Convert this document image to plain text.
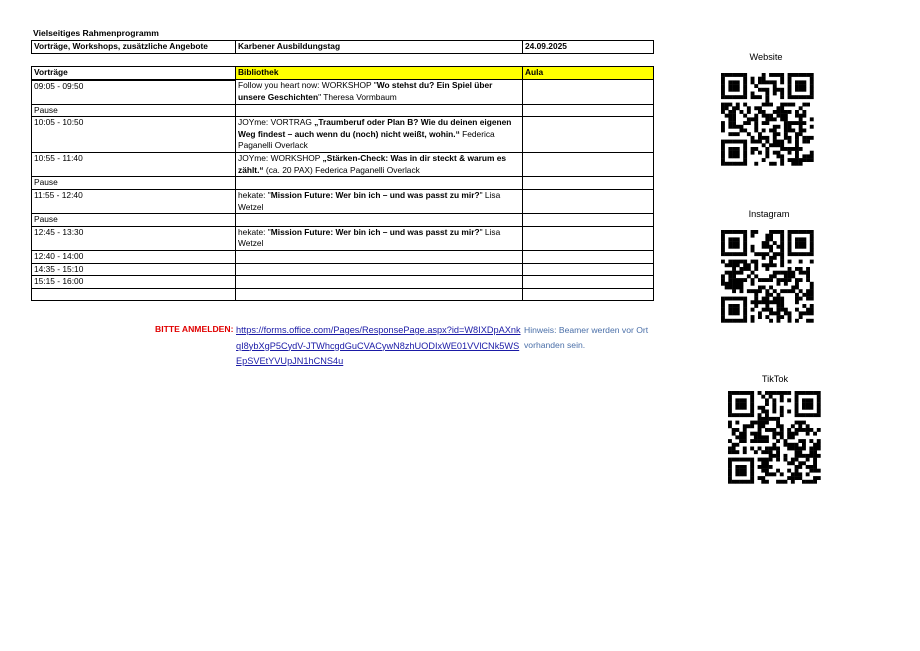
Vielseitiges Rahmenprogramm
Vorträge, Workshops, zusätzliche Angebote	Karbener Ausbildungstag	24.09.2025
Vorträge	Bibliothek	Aula
09:05 - 09:50	Follow you heart now: WORKSHOP "Wo stehst du? Ein Spiel über unsere Geschichten" Theresa Vormbaum	
Pause		
10:05 - 10:50	JOYme: VORTRAG „Traumberuf oder Plan B? Wie du deinen eigenen Weg findest – auch wenn du (noch) nicht weißt, wohin.“ Federica Paganelli Overlack	
10:55 - 11:40	JOYme: WORKSHOP „Stärken-Check: Was in dir steckt & warum es zählt.“ (ca. 20 PAX) Federica Paganelli Overlack	
Pause		
11:55 - 12:40	hekate: "Mission Future: Wer bin ich – und was passt zu mir?" Lisa Wetzel	
Pause		
12:45 - 13:30	hekate: "Mission Future: Wer bin ich – und was passt zu mir?" Lisa Wetzel	
12:40 - 14:00		
14:35 - 15:10		
15:15 - 16:00		

BITTE ANMELDEN: https://forms.office.com/Pages/ResponsePage.aspx?id=W8IXDpAXnkqI8ybXgP5CydV-JTWhcgdGuCVACywN8zhUODIxWE01VVlCNk5WSEpSVEtYVUpJN1hCNS4u
Hinweis: Beamer werden vor Ort vorhanden sein.
Website
Instagram
TikTok
